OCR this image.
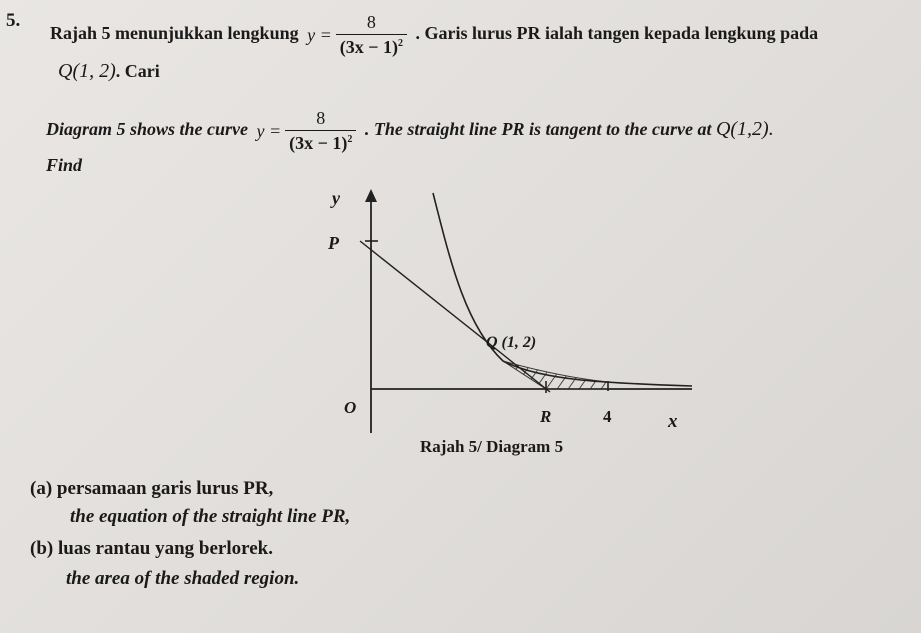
5.
Rajah 5 menunjukkan lengkung $y = \frac{8}{(3x - 1)^2}$ . Garis lurus PR ialah tangen kepada lengkung pada
Q(1, 2). Cari
Diagram 5 shows the curve $y = \frac{8}{(3x - 1)^2}$ . The straight line PR is tangent to the curve at Q(1,2).
Find
y
P
Q (1, 2)
O	R	4	x
Rajah 5/ Diagram 5
(a) persamaan garis lurus PR,
the equation of the straight line PR,
(b) luas rantau yang berlorek.
the area of the shaded region.
